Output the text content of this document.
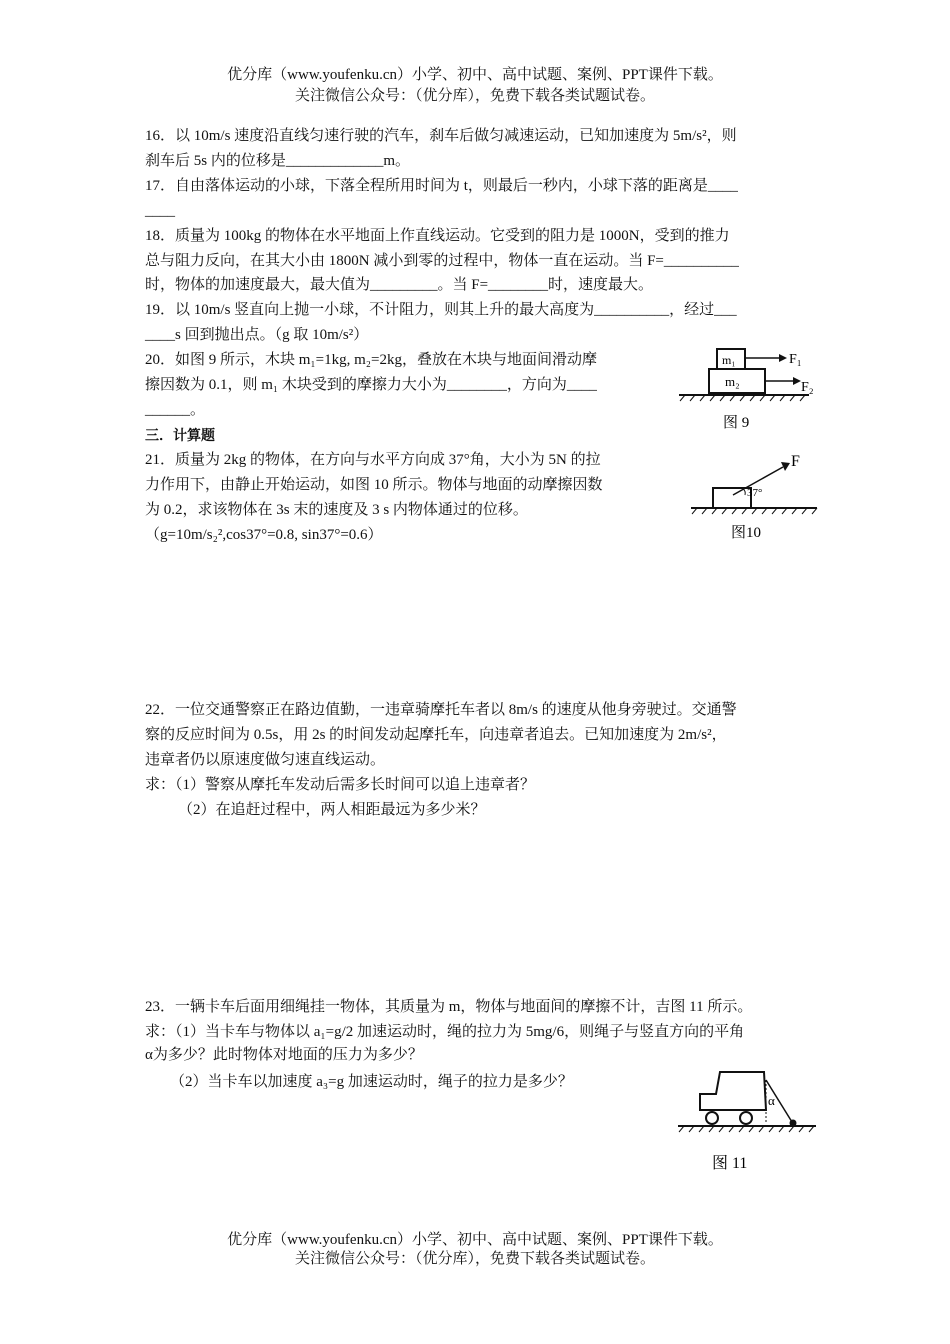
优分库（www.youfenku.cn）小学、初中、高中试题、案例、PPT课件下载。
关注微信公众号：（优分库），免费下载各类试题试卷。
16．以 10m/s 速度沿直线匀速行驶的汽车，刹车后做匀减速运动，已知加速度为 5m/s²，则
刹车后 5s 内的位移是_____________m。
17．自由落体运动的小球，下落全程所用时间为 t，则最后一秒内，小球下落的距离是____
____
18．质量为 100kg 的物体在水平地面上作直线运动。它受到的阻力是 1000N，受到的推力
总与阻力反向，在其大小由 1800N 减小到零的过程中，物体一直在运动。当 F=__________
时，物体的加速度最大，最大值为_________。当 F=________时，速度最大。
19．以 10m/s 竖直向上抛一小球，不计阻力，则其上升的最大高度为__________，经过___
____s 回到抛出点。（g 取 10m/s²）
20．如图 9 所示，木块 m₁=1kg, m₂=2kg，叠放在木块与地面间滑动摩
擦因数为 0.1，则 m₁ 木块受到的摩擦力大小为________，方向为____
______。
m₁
m₂
F₁
F₂
图 9
三．计算题
21．质量为 2kg 的物体，在方向与水平方向成 37°角，大小为 5N 的拉
力作用下，由静止开始运动，如图 10 所示。物体与地面的动摩擦因数
为 0.2，求该物体在 3s 末的速度及 3 s 内物体通过的位移。
（g=10m/s₂²,cos37°=0.8, sin37°=0.6）
F
37°
图10
22．一位交通警察正在路边值勤，一违章骑摩托车者以 8m/s 的速度从他身旁驶过。交通警
察的反应时间为 0.5s，用 2s 的时间发动起摩托车，向违章者追去。已知加速度为 2m/s²，
违章者仍以原速度做匀速直线运动。
求：（1）警察从摩托车发动后需多长时间可以追上违章者？
（2）在追赶过程中，两人相距最远为多少米？
23．一辆卡车后面用细绳挂一物体，其质量为 m，物体与地面间的摩擦不计，吉图 11 所示。
求：（1）当卡车与物体以 a₁=g/2 加速运动时，绳的拉力为 5mg/6，则绳子与竖直方向的平角
α为多少？此时物体对地面的压力为多少？
（2）当卡车以加速度 a₃=g 加速运动时，绳子的拉力是多少？
α
图 11
优分库（www.youfenku.cn）小学、初中、高中试题、案例、PPT课件下载。
关注微信公众号：（优分库），免费下载各类试题试卷。
